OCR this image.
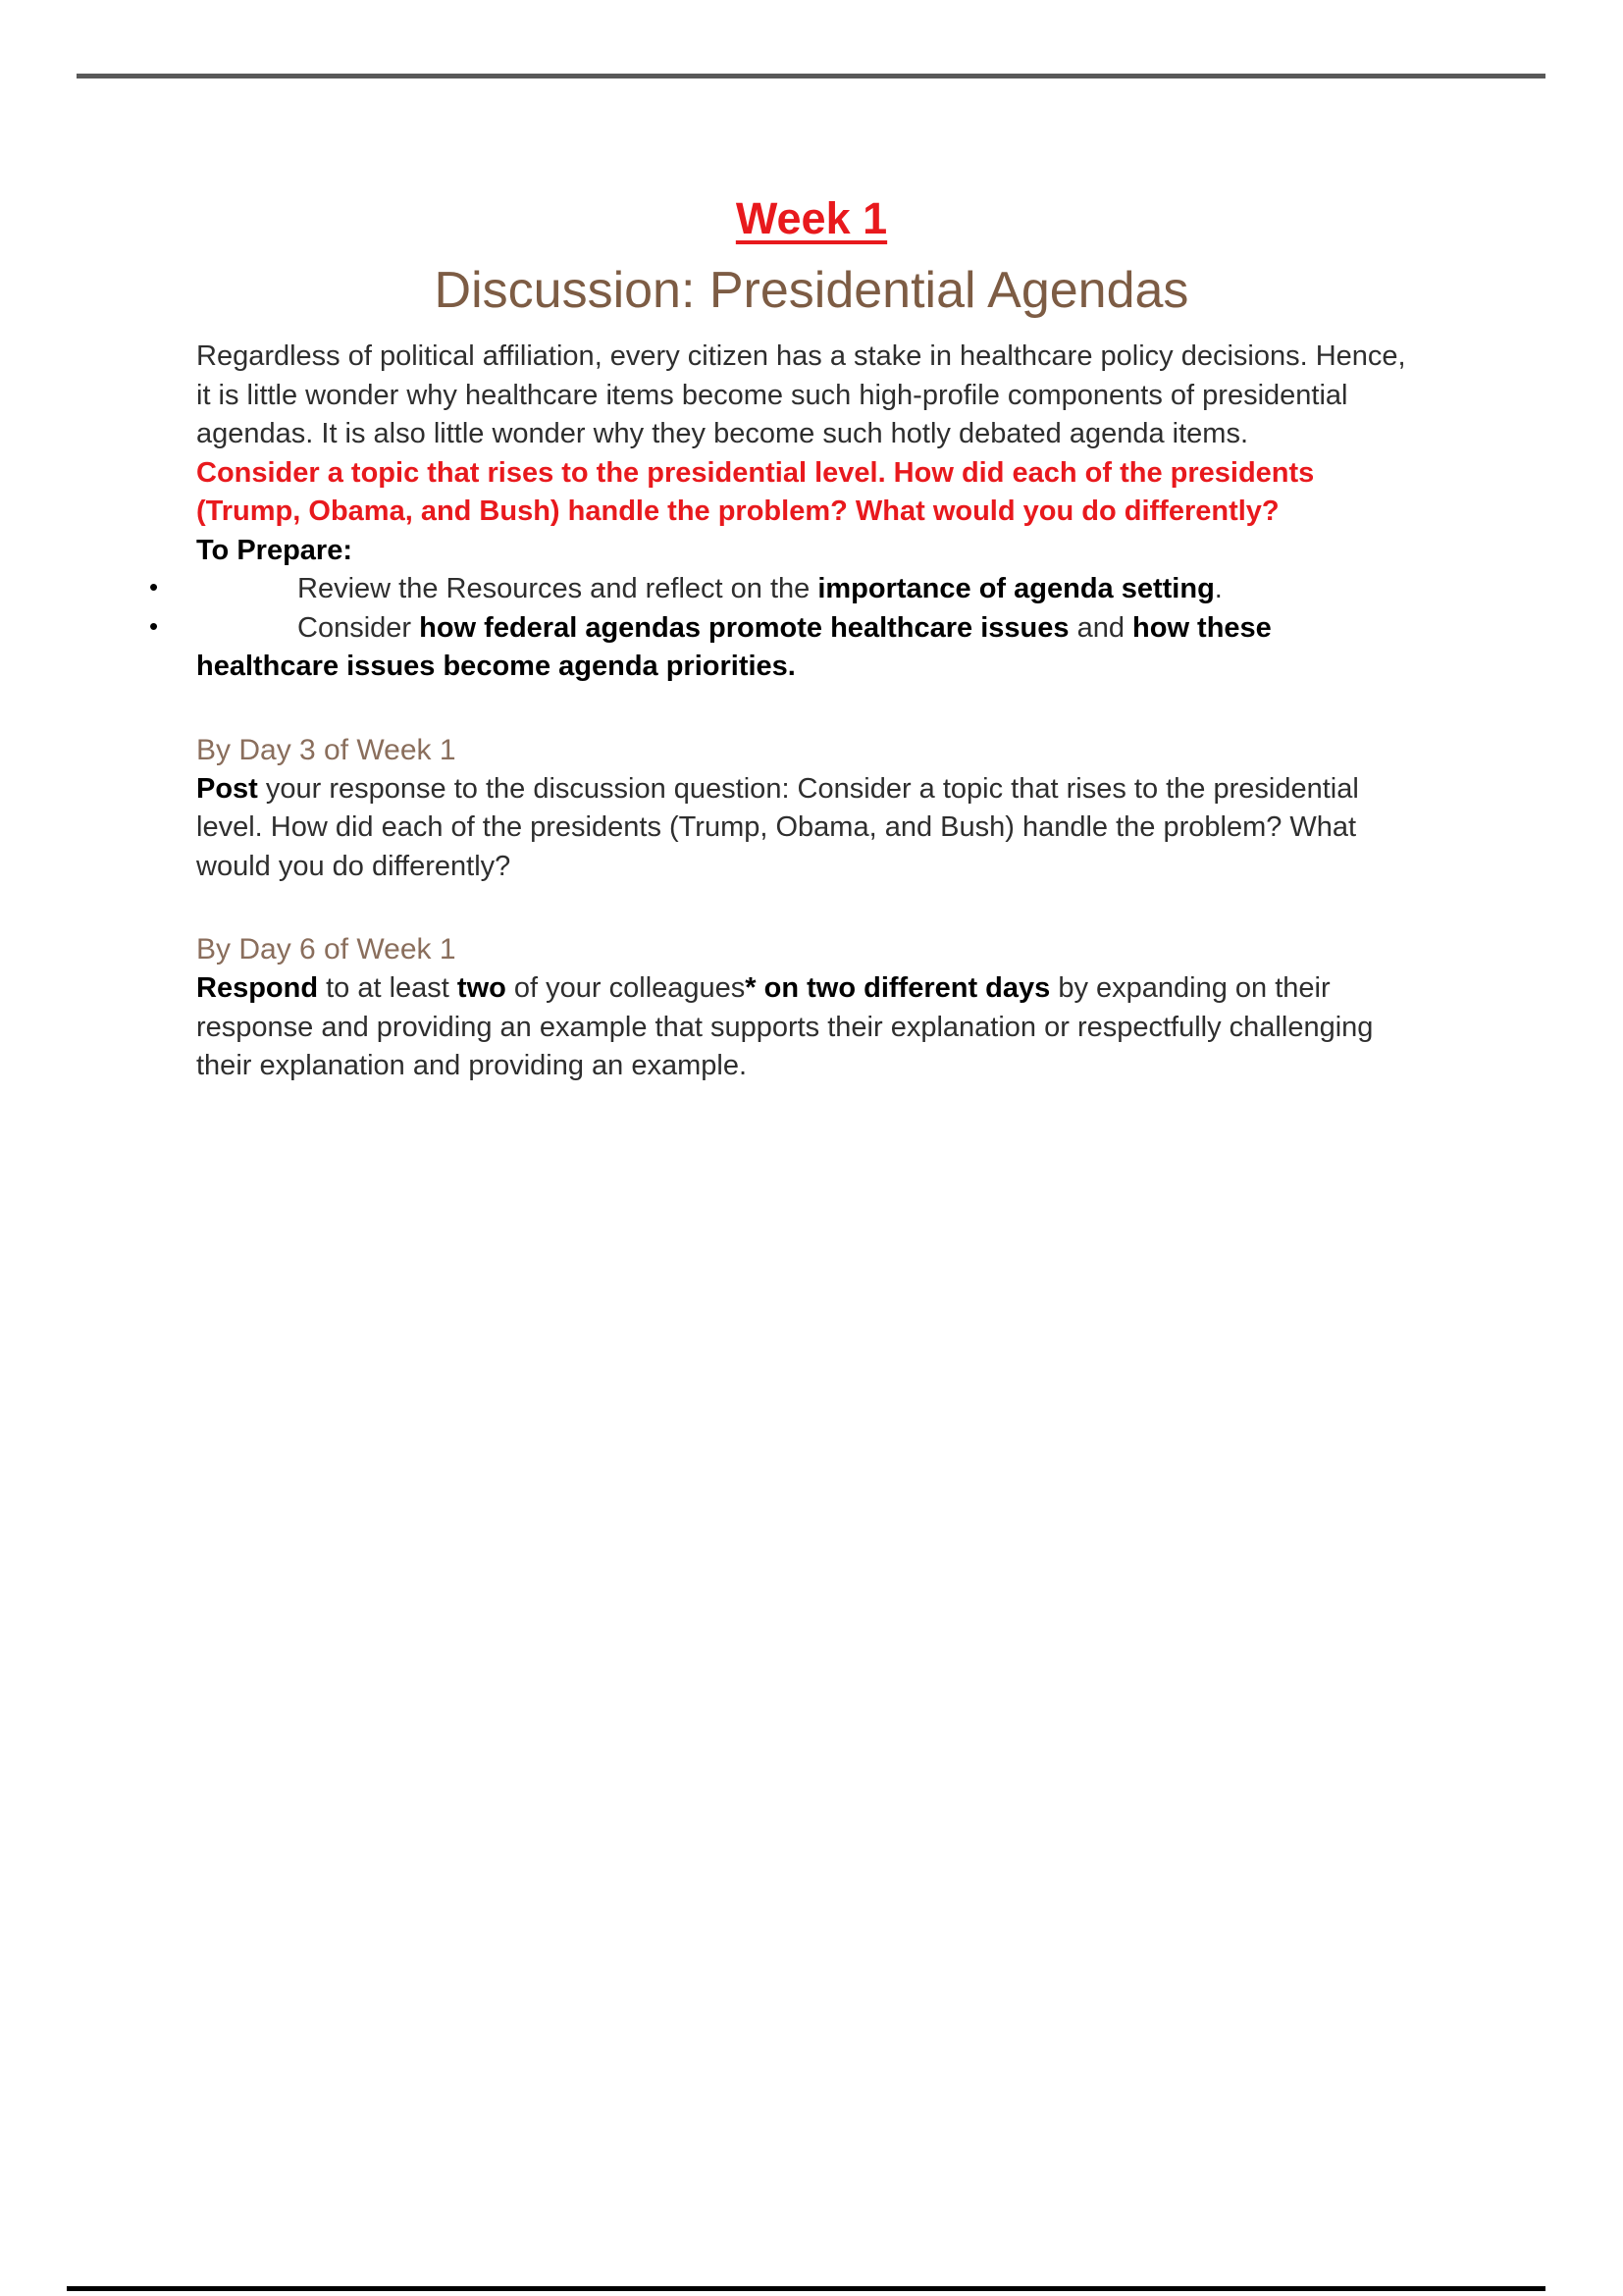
Week 1
Discussion: Presidential Agendas

Regardless of political affiliation, every citizen has a stake in healthcare policy decisions. Hence, it is little wonder why healthcare items become such high-profile components of presidential agendas. It is also little wonder why they become such hotly debated agenda items.

Consider a topic that rises to the presidential level. How did each of the presidents (Trump, Obama, and Bush) handle the problem? What would you do differently?

To Prepare:

•	Review the Resources and reflect on the importance of agenda setting.
•	Consider how federal agendas promote healthcare issues and how these healthcare issues become agenda priorities.
By Day 3 of Week 1

Post your response to the discussion question: Consider a topic that rises to the presidential level. How did each of the presidents (Trump, Obama, and Bush) handle the problem? What would you do differently?

By Day 6 of Week 1

Respond to at least two of your colleagues* on two different days by expanding on their response and providing an example that supports their explanation or respectfully challenging their explanation and providing an example.
